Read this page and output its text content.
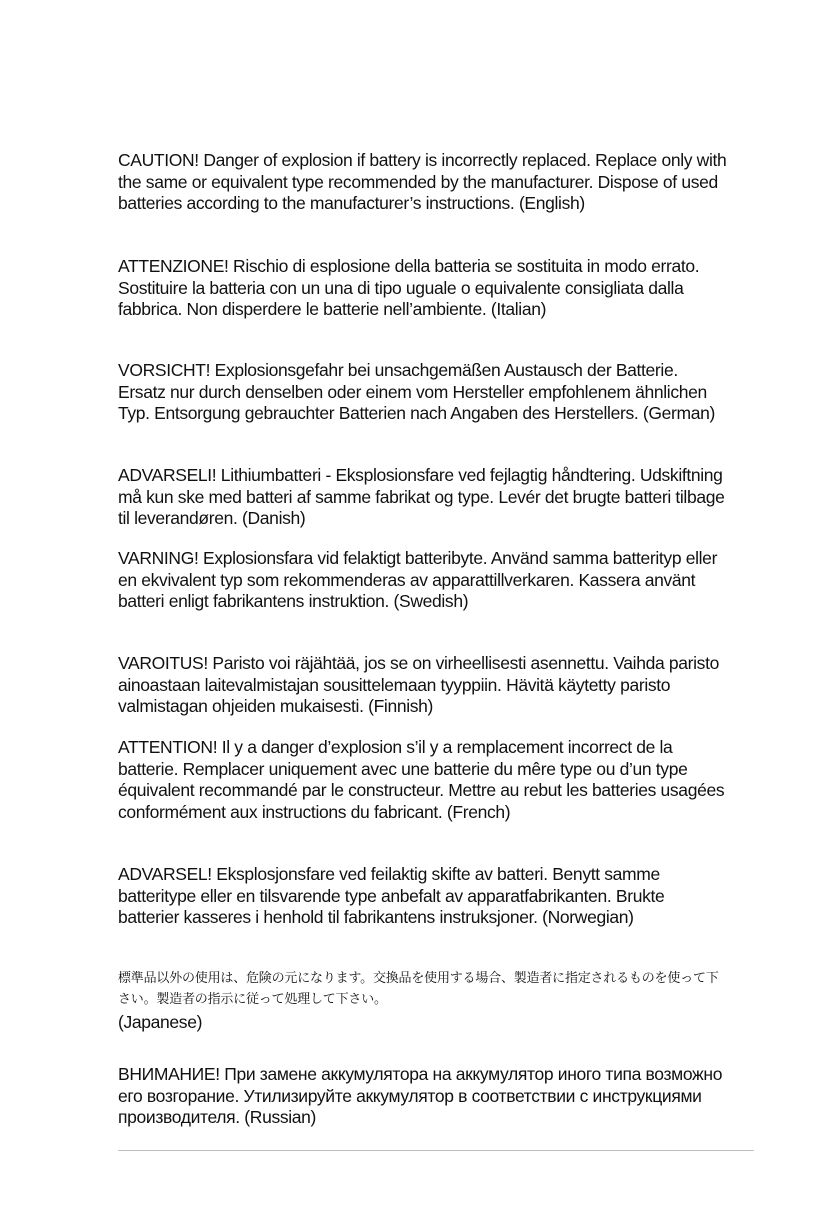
CAUTION! Danger of explosion if battery is incorrectly replaced. Replace only with the same or equivalent type recommended by the manufacturer. Dispose of used batteries according to the manufacturer’s instructions. (English)

ATTENZIONE! Rischio di esplosione della batteria se sostituita in modo errato. Sostituire la batteria con un una di tipo uguale o equivalente consigliata dalla fabbrica. Non disperdere le batterie nell’ambiente. (Italian)

VORSICHT! Explosionsgefahr bei unsachgemäßen Austausch der Batterie. Ersatz nur durch denselben oder einem vom Hersteller empfohlenem ähnlichen Typ. Entsorgung gebrauchter Batterien nach Angaben des Herstellers. (German)

ADVARSELI! Lithiumbatteri - Eksplosionsfare ved fejlagtig håndtering. Udskiftning må kun ske med batteri af samme fabrikat og type. Levér det brugte batteri tilbage til leverandøren. (Danish)

VARNING! Explosionsfara vid felaktigt batteribyte. Använd samma batterityp eller en ekvivalent typ som rekommenderas av apparattillverkaren. Kassera använt batteri enligt fabrikantens instruktion. (Swedish)

VAROITUS! Paristo voi räjähtää, jos se on virheellisesti asennettu. Vaihda paristo ainoastaan laitevalmistajan sousittelemaan tyyppiin. Hävitä käytetty paristo valmistagan ohjeiden mukaisesti. (Finnish)

ATTENTION! Il y a danger d’explosion s’il y a remplacement incorrect de la batterie. Remplacer uniquement avec une batterie du mêre type ou d’un type équivalent recommandé par le constructeur. Mettre au rebut les batteries usagées conformément aux instructions du fabricant. (French)

ADVARSEL! Eksplosjonsfare ved feilaktig skifte av batteri. Benytt samme batteritype eller en tilsvarende type anbefalt av apparatfabrikanten. Brukte batterier kasseres i henhold til fabrikantens instruksjoner. (Norwegian)

標準品以外の使用は、危険の元になります。交換品を使用する場合、製造者に指定されるものを使って下さい。製造者の指示に従って処理して下さい。
(Japanese)

ВНИМАНИЕ! При замене аккумулятора на аккумулятор иного типа возможно его возгорание. Утилизируйте аккумулятор в соответствии с инструкциями производителя. (Russian)
